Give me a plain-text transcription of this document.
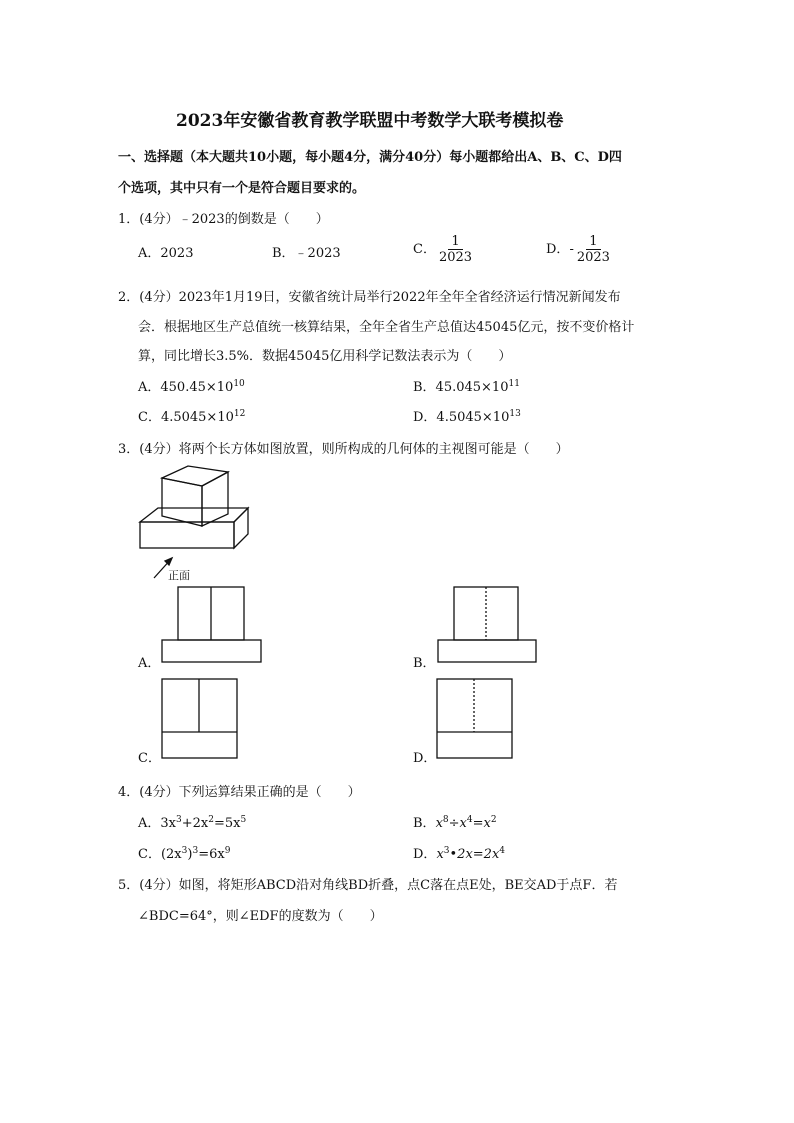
2023年安徽省教育教学联盟中考数学大联考模拟卷
一、选择题（本大题共10小题，每小题4分，满分40分）每小题都给出A、B、C、D四
个选项，其中只有一个是符合题目要求的。
1．(4分）﹣2023的倒数是（　　）
A．2023	B．﹣2023	C． $\frac{1}{2023}$	D．- $\frac{1}{2023}$
2．(4分）2023年1月19日，安徽省统计局举行2022年全年全省经济运行情况新闻发布
会．根据地区生产总值统一核算结果，全年全省生产总值达45045亿元，按不变价格计
算，同比增长3.5%．数据45045亿用科学记数法表示为（　　）
A．$450.45\times 10^{10}$	B．$45.045\times 10^{11}$
C．$4.5045\times 10^{12}$	D．$4.5045\times 10^{13}$
3．(4分）将两个长方体如图放置，则所构成的几何体的主视图可能是（　　）
正面
A．	B．
C．	D．
4．(4分）下列运算结果正确的是（　　）
A．$3x^3+2x^2=5x^5$	B．$x^8\div x^4=x^2$
C．$(2x^3)^3=6x^9$	D．$x^3•2x=2x^4$
5．(4分）如图，将矩形ABCD沿对角线BD折叠，点C落在点E处，BE交AD于点F．若
∠BDC=64°，则∠EDF的度数为（　　）
